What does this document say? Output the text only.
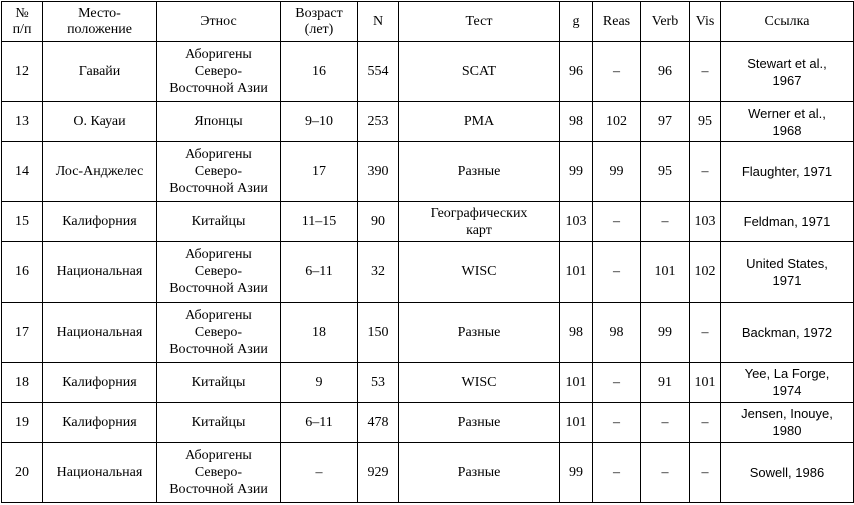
№
п/п	Место-
положение	Этнос	Возраст
(лет)	N	Тест	g	Reas	Verb	Vis	Ссылка
12	Гавайи	Аборигены
Северо-
Восточной Азии	16	554	SCAT	96	–	96	–	Stewart et al.,
1967

13	О. Кауаи	Японцы	9–10	253	PMA	98	102	97	95	Werner et al.,
1968

14	Лос-Анджелес	Аборигены
Северо-
Восточной Азии	17	390	Разные	99	99	95	–	Flaughter, 1971

15	Калифорния	Китайцы	11–15	90	Географических
карт	103	–	–	103	Feldman, 1971

16	Национальная	Аборигены
Северо-
Восточной Азии	6–11	32	WISC	101	–	101	102	United States,
1971

17	Национальная	Аборигены
Северо-
Восточной Азии	18	150	Разные	98	98	99	–	Backman, 1972

18	Калифорния	Китайцы	9	53	WISC	101	–	91	101	Yee, La Forge,
1974

19	Калифорния	Китайцы	6–11	478	Разные	101	–	–	–	Jensen, Inouye,
1980

20	Национальная	Аборигены
Северо-
Восточной Азии	–	929	Разные	99	–	–	–	Sowell, 1986
